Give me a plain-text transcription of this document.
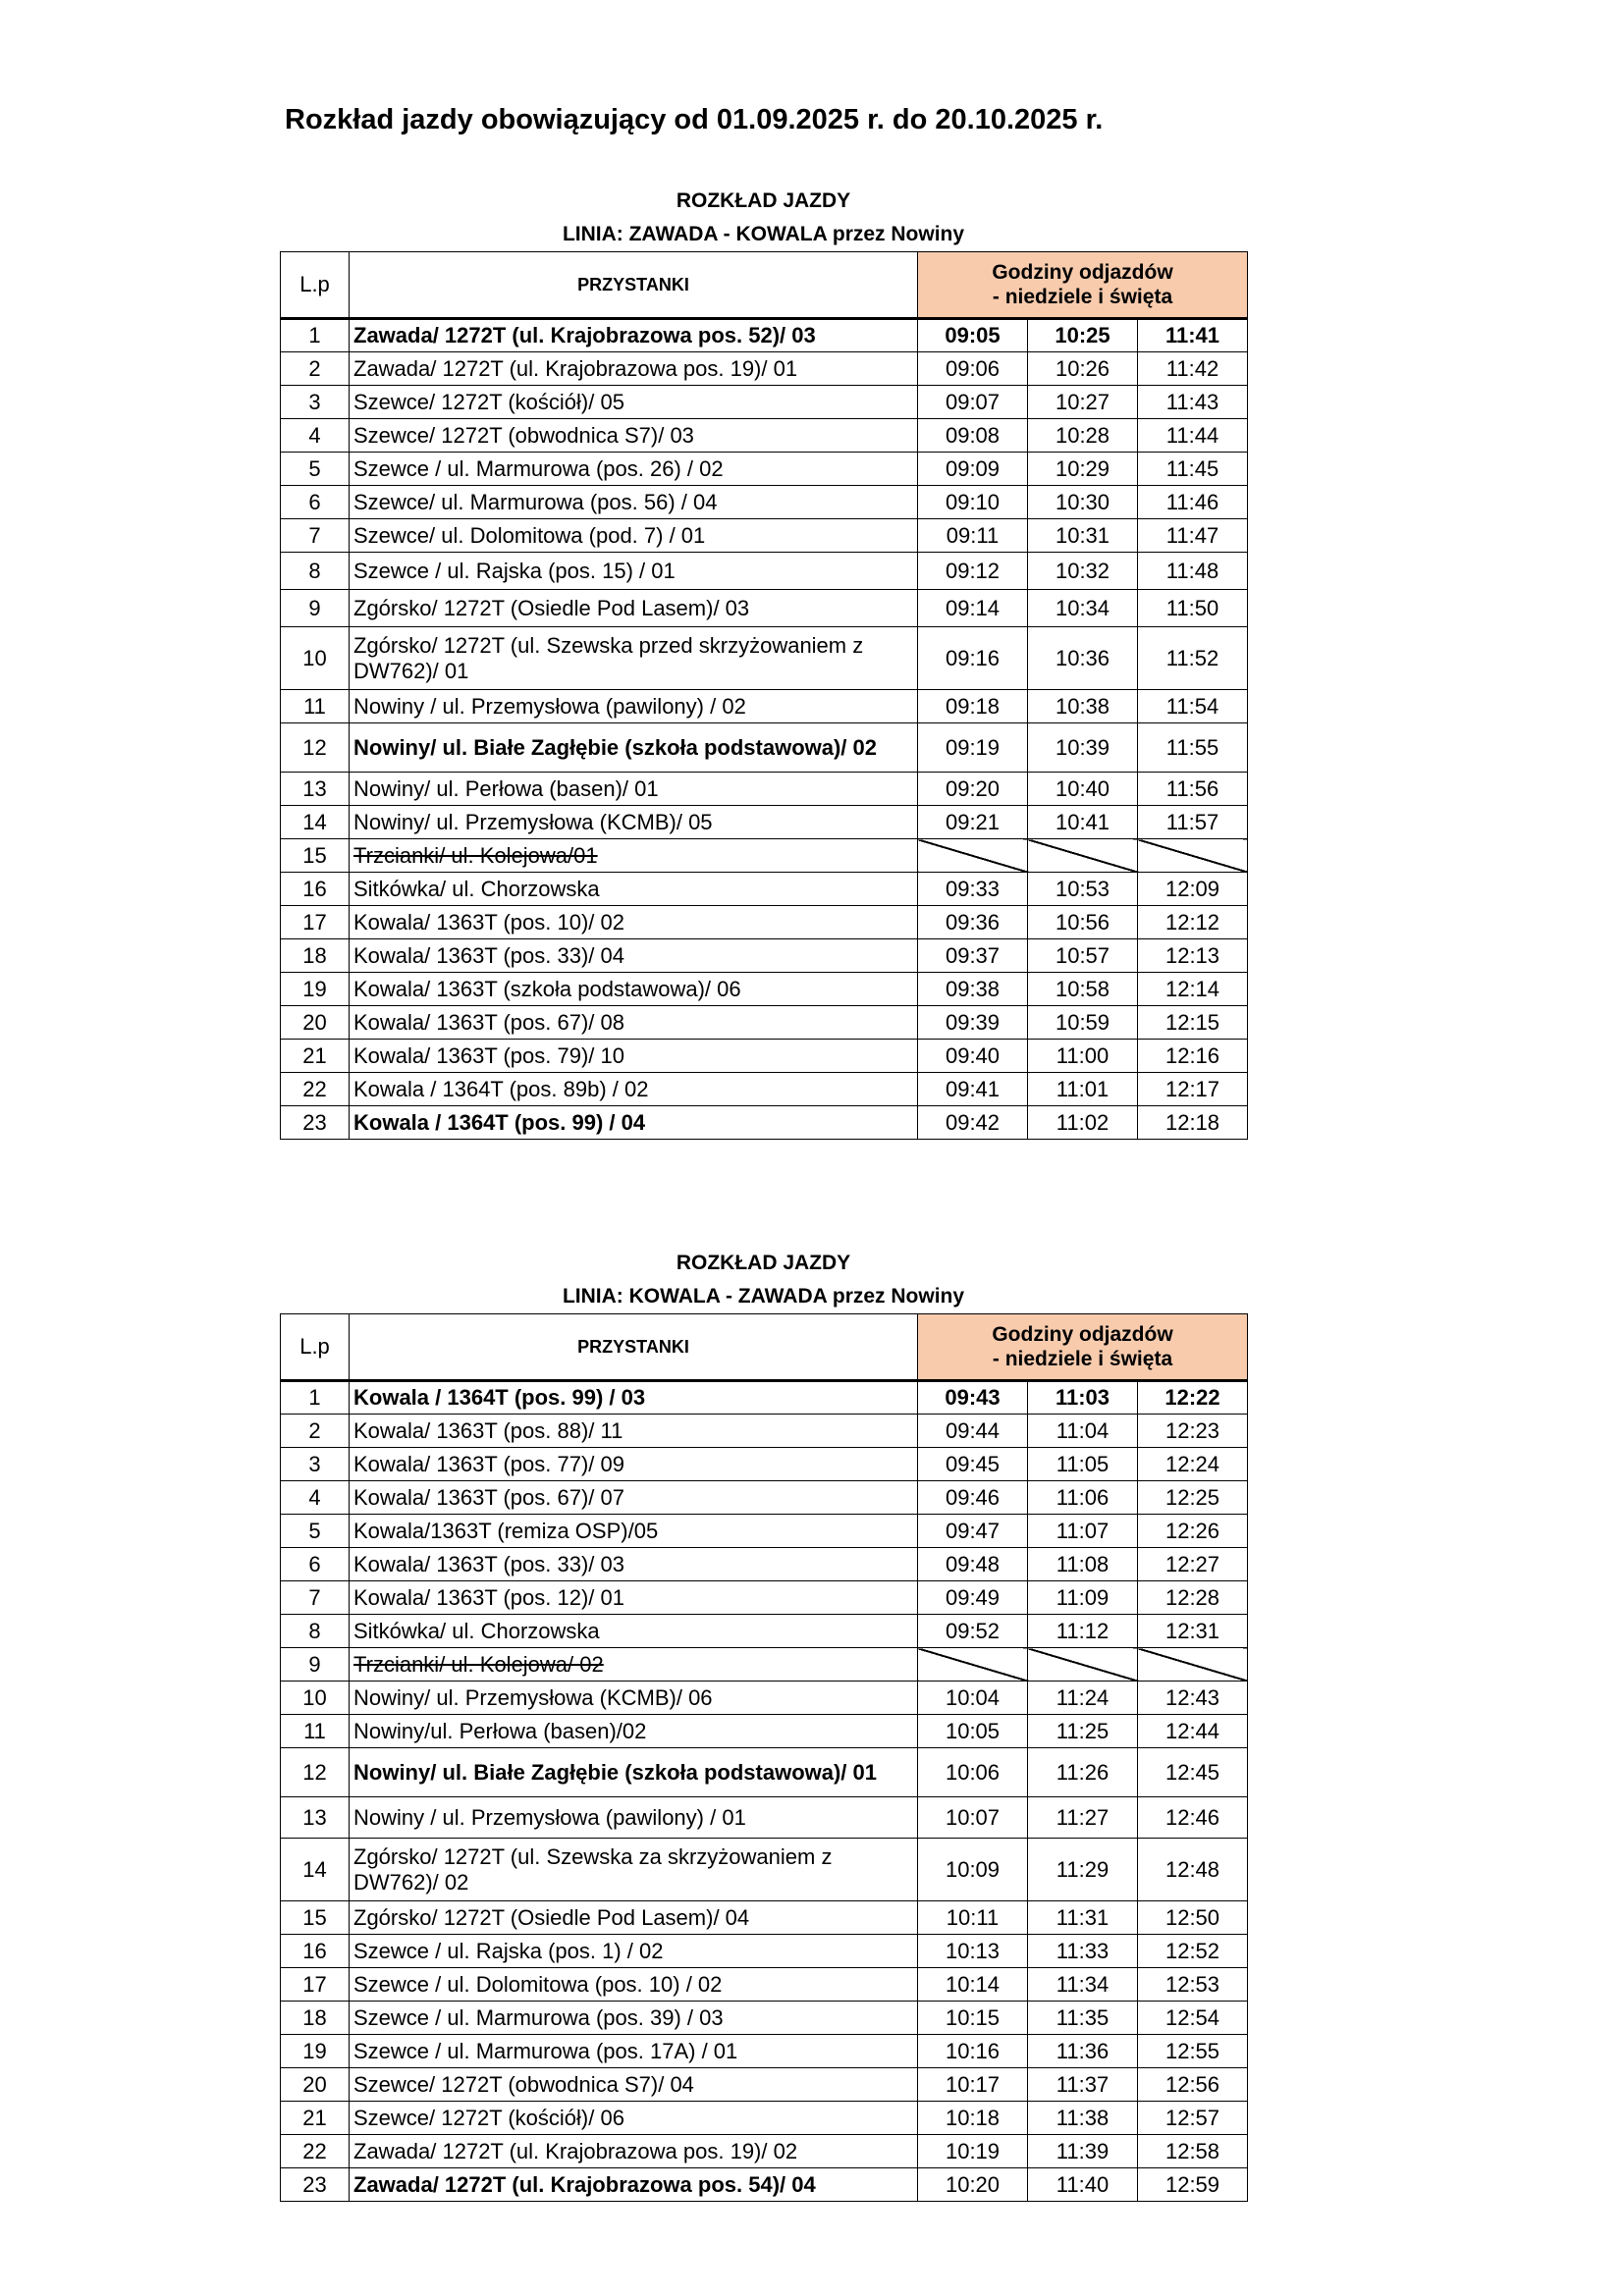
Rozkład jazdy obowiązujący od 01.09.2025 r. do 20.10.2025 r.
ROZKŁAD JAZDY
LINIA: ZAWADA - KOWALA przez Nowiny
L.p	PRZYSTANKI	Godziny odjazdów
- niedziele i święta		

1	Zawada/ 1272T (ul. Krajobrazowa pos. 52)/ 03	09:05	10:25	11:41
2	Zawada/ 1272T (ul. Krajobrazowa pos. 19)/ 01	09:06	10:26	11:42
3	Szewce/ 1272T (kościół)/ 05	09:07	10:27	11:43
4	Szewce/ 1272T (obwodnica S7)/ 03	09:08	10:28	11:44
5	Szewce / ul. Marmurowa (pos. 26) / 02	09:09	10:29	11:45
6	Szewce/ ul. Marmurowa (pos. 56) / 04	09:10	10:30	11:46
7	Szewce/ ul. Dolomitowa (pod. 7) / 01	09:11	10:31	11:47
8	Szewce / ul. Rajska (pos. 15) / 01	09:12	10:32	11:48
9	Zgórsko/ 1272T (Osiedle Pod Lasem)/ 03	09:14	10:34	11:50
10	Zgórsko/ 1272T (ul. Szewska przed skrzyżowaniem z DW762)/ 01	09:16	10:36	11:52
11	Nowiny / ul. Przemysłowa (pawilony) / 02	09:18	10:38	11:54
12	Nowiny/ ul. Białe Zagłębie (szkoła podstawowa)/ 02	09:19	10:39	11:55
13	Nowiny/ ul. Perłowa (basen)/ 01	09:20	10:40	11:56
14	Nowiny/ ul. Przemysłowa (KCMB)/ 05	09:21	10:41	11:57
15	Trzcianki/ ul. Kolejowa/01			
16	Sitkówka/ ul. Chorzowska	09:33	10:53	12:09
17	Kowala/ 1363T (pos. 10)/ 02	09:36	10:56	12:12
18	Kowala/ 1363T (pos. 33)/ 04	09:37	10:57	12:13
19	Kowala/ 1363T (szkoła podstawowa)/ 06	09:38	10:58	12:14
20	Kowala/ 1363T (pos. 67)/ 08	09:39	10:59	12:15
21	Kowala/ 1363T (pos. 79)/ 10	09:40	11:00	12:16
22	Kowala / 1364T (pos. 89b) / 02	09:41	11:01	12:17
23	Kowala / 1364T (pos. 99) / 04	09:42	11:02	12:18
ROZKŁAD JAZDY
LINIA: KOWALA - ZAWADA przez Nowiny
L.p	PRZYSTANKI	Godziny odjazdów
- niedziele i święta		

1	Kowala / 1364T (pos. 99) / 03	09:43	11:03	12:22
2	Kowala/ 1363T (pos. 88)/ 11	09:44	11:04	12:23
3	Kowala/ 1363T (pos. 77)/ 09	09:45	11:05	12:24
4	Kowala/ 1363T (pos. 67)/ 07	09:46	11:06	12:25
5	Kowala/1363T (remiza OSP)/05	09:47	11:07	12:26
6	Kowala/ 1363T (pos. 33)/ 03	09:48	11:08	12:27
7	Kowala/ 1363T (pos. 12)/ 01	09:49	11:09	12:28
8	Sitkówka/ ul. Chorzowska	09:52	11:12	12:31
9	Trzcianki/ ul. Kolejowa/ 02			
10	Nowiny/ ul. Przemysłowa (KCMB)/ 06	10:04	11:24	12:43
11	Nowiny/ul. Perłowa (basen)/02	10:05	11:25	12:44
12	Nowiny/ ul. Białe Zagłębie (szkoła podstawowa)/ 01	10:06	11:26	12:45
13	Nowiny / ul. Przemysłowa (pawilony) / 01	10:07	11:27	12:46
14	Zgórsko/ 1272T (ul. Szewska za skrzyżowaniem z DW762)/ 02	10:09	11:29	12:48
15	Zgórsko/ 1272T (Osiedle Pod Lasem)/ 04	10:11	11:31	12:50
16	Szewce / ul. Rajska (pos. 1) / 02	10:13	11:33	12:52
17	Szewce / ul. Dolomitowa (pos. 10) / 02	10:14	11:34	12:53
18	Szewce / ul. Marmurowa (pos. 39) / 03	10:15	11:35	12:54
19	Szewce / ul. Marmurowa (pos. 17A) / 01	10:16	11:36	12:55
20	Szewce/ 1272T (obwodnica S7)/ 04	10:17	11:37	12:56
21	Szewce/ 1272T (kościół)/ 06	10:18	11:38	12:57
22	Zawada/ 1272T (ul. Krajobrazowa pos. 19)/ 02	10:19	11:39	12:58
23	Zawada/ 1272T (ul. Krajobrazowa pos. 54)/ 04	10:20	11:40	12:59
